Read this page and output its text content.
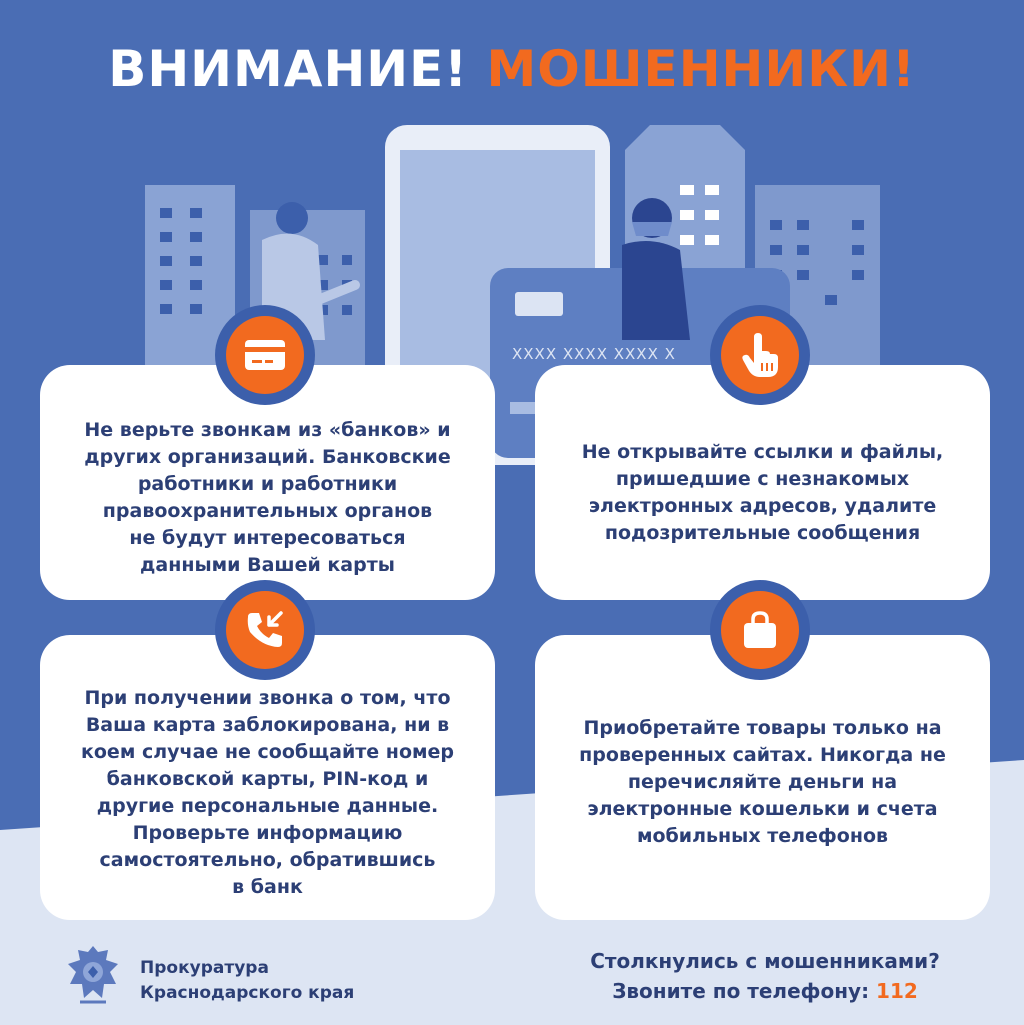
XXXX XXXX XXXX X
ВНИМАНИЕ! МОШЕННИКИ!
Не верьте звонкам из «банков» и
других организаций. Банковские
работники и работники
правоохранительных органов
не будут интересоваться
данными Вашей карты
Не открывайте ссылки и файлы,
пришедшие с незнакомых
электронных адресов, удалите
подозрительные сообщения
При получении звонка о том, что
Ваша карта заблокирована, ни в
коем случае не сообщайте номер
банковской карты, PIN-код и
другие персональные данные.
Проверьте информацию
самостоятельно, обратившись
в банк
Приобретайте товары только на
проверенных сайтах. Никогда не
перечисляйте деньги на
электронные кошельки и счета
мобильных телефонов
Прокуратура
Краснодарского края
Столкнулись с мошенниками?
Звоните по телефону: 112
